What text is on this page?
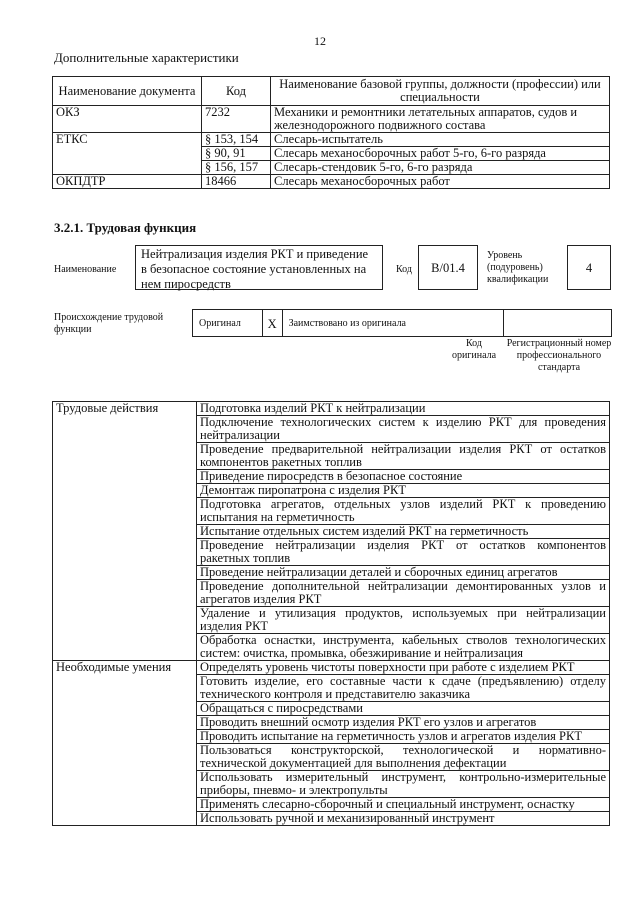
12
Дополнительные характеристики
Наименование документа	Код	Наименование базовой группы, должности (профессии) или специальности
ОКЗ	7232	Механики и ремонтники летательных аппаратов, судов и железнодорожного подвижного состава
ЕТКС	§ 153, 154	Слесарь-испытатель
	§ 90, 91	Слесарь механосборочных работ 5-го, 6-го разряда
	§ 156, 157	Слесарь-стендовик 5-го, 6-го разряда
ОКПДТР	18466	Слесарь механосборочных работ
3.2.1. Трудовая функция
Наименование
Нейтрализация изделия РКТ и приведение в безопасное состояние установленных на нем пиросредств
Код	В/01.4
Уровень (подуровень) квалификации
4
Происхождение трудовой функции
Оригинал	X	Заимствовано из оригинала
Код оригинала
Регистрационный номер профессионального стандарта
Трудовые действия	Подготовка изделий РКТ к нейтрализации
	Подключение технологических систем к изделию РКТ для проведения нейтрализации
	Проведение предварительной нейтрализации изделия РКТ от остатков компонентов ракетных топлив
	Приведение пиросредств в безопасное состояние
	Демонтаж пиропатрона с изделия РКТ
	Подготовка агрегатов, отдельных узлов изделий РКТ к проведению испытания на герметичность
	Испытание отдельных систем изделий РКТ на герметичность
	Проведение нейтрализации изделия РКТ от остатков компонентов ракетных топлив
	Проведение нейтрализации деталей и сборочных единиц агрегатов
	Проведение дополнительной нейтрализации демонтированных узлов и агрегатов изделия РКТ
	Удаление и утилизация продуктов, используемых при нейтрализации изделия РКТ
	Обработка оснастки, инструмента, кабельных стволов технологических систем: очистка, промывка, обезжиривание и нейтрализация
Необходимые умения	Определять уровень чистоты поверхности при работе с изделием РКТ
	Готовить изделие, его составные части к сдаче (предъявлению) отделу технического контроля и представителю заказчика
	Обращаться с пиросредствами
	Проводить внешний осмотр изделия РКТ его узлов и агрегатов
	Проводить испытание на герметичность узлов и агрегатов изделия РКТ
	Пользоваться конструкторской, технологической и нормативно-технической документацией для выполнения дефектации
	Использовать измерительный инструмент, контрольно-измерительные приборы, пневмо- и электропульты
	Применять слесарно-сборочный и специальный инструмент, оснастку
	Использовать ручной и механизированный инструмент
